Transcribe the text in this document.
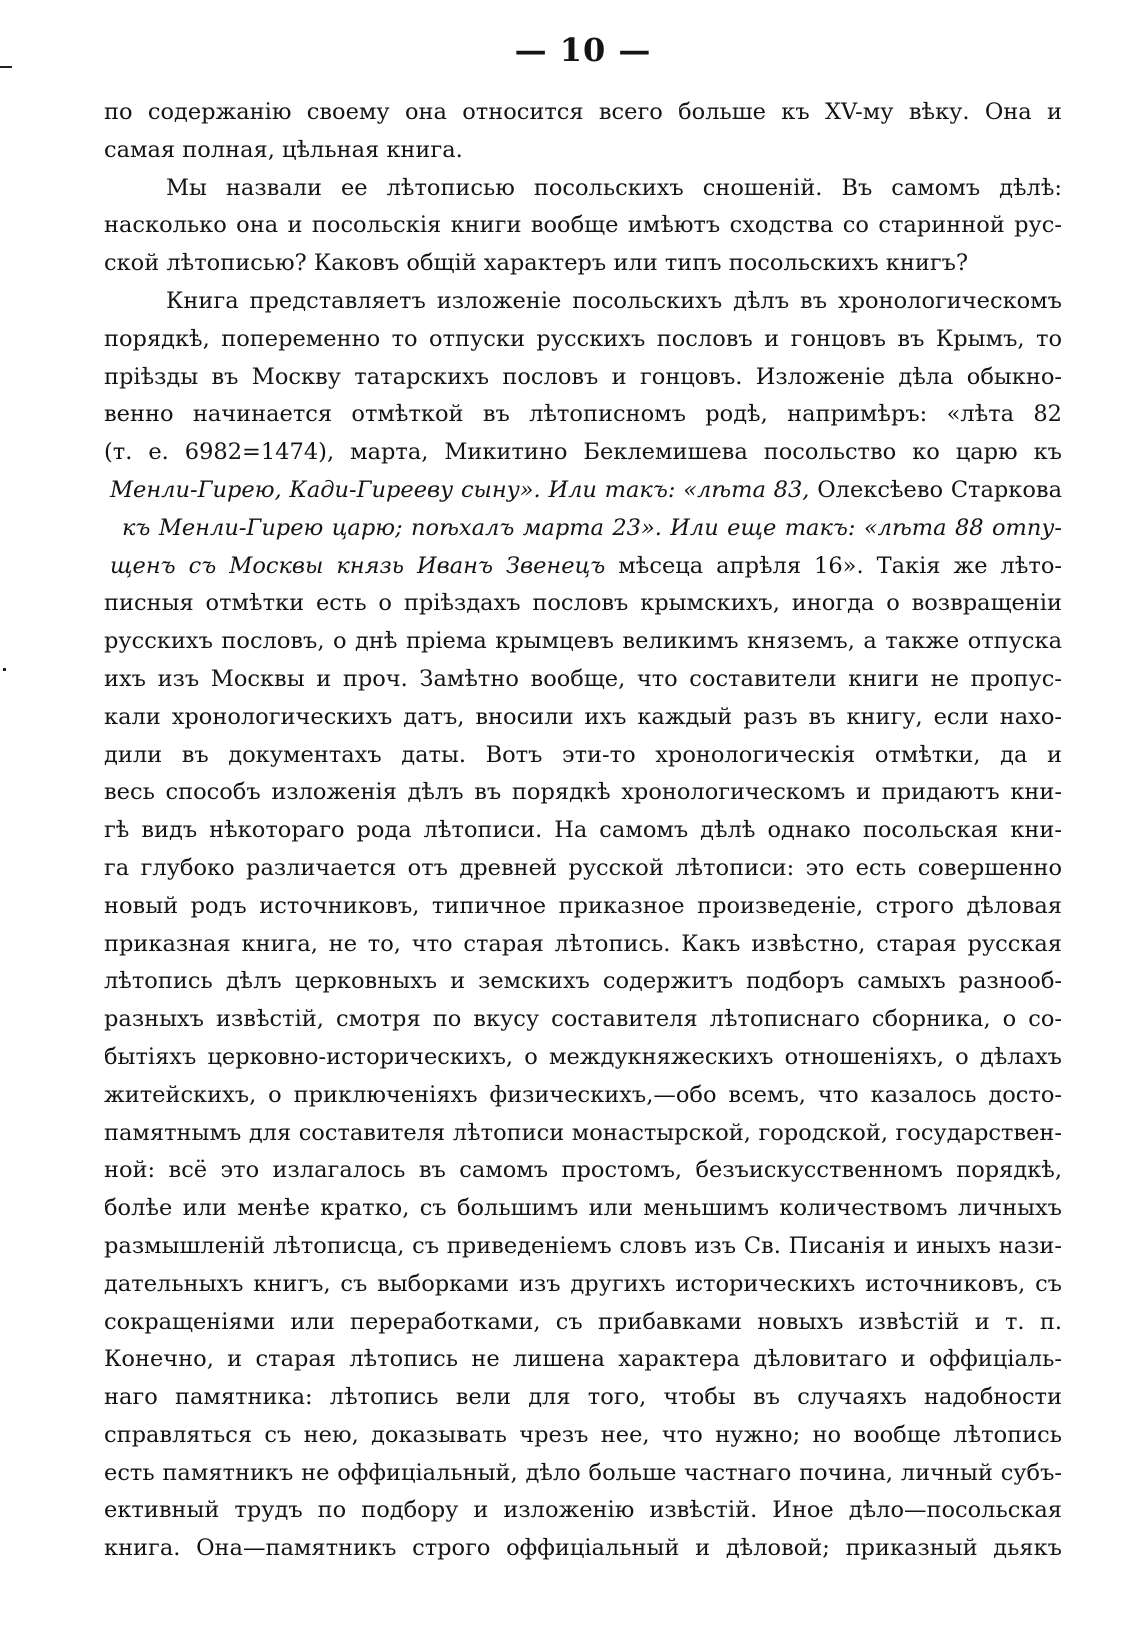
— 10 —
по содержанію своему она относится всего больше къ XV-му вѣку. Она и
самая полная, цѣльная книга.
Мы назвали ее лѣтописью посольскихъ сношеній. Въ самомъ дѣлѣ:
насколько она и посольскія книги вообще имѣютъ сходства со старинной рус-
ской лѣтописью? Каковъ общій характеръ или типъ посольскихъ книгъ?
Книга представляетъ изложеніе посольскихъ дѣлъ въ хронологическомъ
порядкѣ, попеременно то отпуски русскихъ пословъ и гонцовъ въ Крымъ, то
пріѣзды въ Москву татарскихъ пословъ и гонцовъ. Изложеніе дѣла обыкно-
венно начинается отмѣткой въ лѣтописномъ родѣ, напримѣръ: «лѣта 82
(т. е. 6982=1474), марта, Микитино Беклемишева посольство ко царю къ
Менли-Гирею, Кади-Гирееву сыну». Или такъ: «лѣта 83, Олексѣево Старкова
къ Менли-Гирею царю; поѣхалъ марта 23». Или еще такъ: «лѣта 88 отпу-
щенъ съ Москвы князь Иванъ Звенецъ мѣсеца апрѣля 16». Такія же лѣто-
писныя отмѣтки есть о пріѣздахъ пословъ крымскихъ, иногда о возвращеніи
русскихъ пословъ, о днѣ пріема крымцевъ великимъ княземъ, а также отпуска
ихъ изъ Москвы и проч. Замѣтно вообще, что составители книги не пропус-
кали хронологическихъ датъ, вносили ихъ каждый разъ въ книгу, если нахо-
дили въ документахъ даты. Вотъ эти-то хронологическія отмѣтки, да и
весь способъ изложенія дѣлъ въ порядкѣ хронологическомъ и придаютъ кни-
гѣ видъ нѣкотораго рода лѣтописи. На самомъ дѣлѣ однако посольская кни-
га глубоко различается отъ древней русской лѣтописи: это есть совершенно
новый родъ источниковъ, типичное приказное произведеніе, строго дѣловая
приказная книга, не то, что старая лѣтопись. Какъ извѣстно, старая русская
лѣтопись дѣлъ церковныхъ и земскихъ содержитъ подборъ самыхъ разнооб-
разныхъ извѣстій, смотря по вкусу составителя лѣтописнаго сборника, о со-
бытіяхъ церковно-историческихъ, о междукняжескихъ отношеніяхъ, о дѣлахъ
житейскихъ, о приключеніяхъ физическихъ,—обо всемъ, что казалось досто-
памятнымъ для составителя лѣтописи монастырской, городской, государствен-
ной: всё это излагалось въ самомъ простомъ, безъискусственномъ порядкѣ,
болѣе или менѣе кратко, съ большимъ или меньшимъ количествомъ личныхъ
размышленій лѣтописца, съ приведеніемъ словъ изъ Св. Писанія и иныхъ нази-
дательныхъ книгъ, съ выборками изъ другихъ историческихъ источниковъ, съ
сокращеніями или переработками, съ прибавками новыхъ извѣстій и т. п.
Конечно, и старая лѣтопись не лишена характера дѣловитаго и оффиціаль-
наго памятника: лѣтопись вели для того, чтобы въ случаяхъ надобности
справляться съ нею, доказывать чрезъ нее, что нужно; но вообще лѣтопись
есть памятникъ не оффиціальный, дѣло больше частнаго почина, личный субъ-
ективный трудъ по подбору и изложенію извѣстій. Иное дѣло—посольская
книга. Она—памятникъ строго оффиціальный и дѣловой; приказный дьякъ
